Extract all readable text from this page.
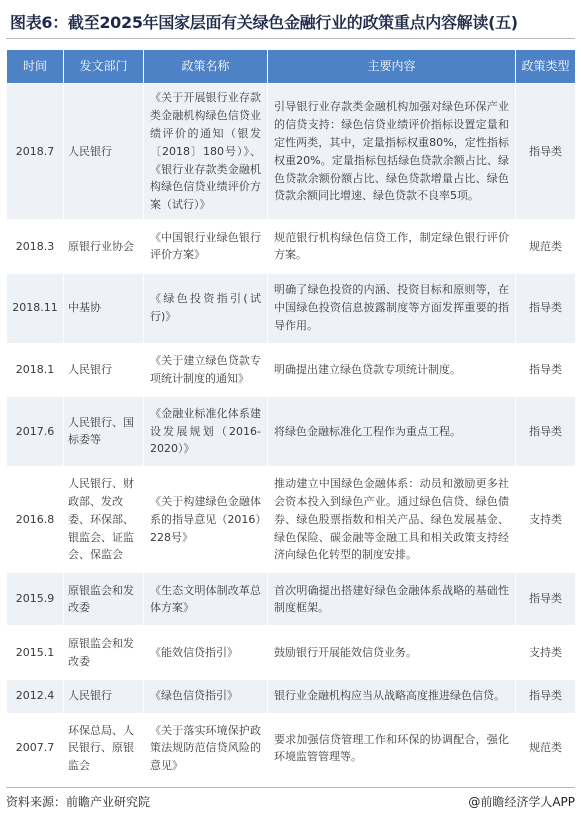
图表6：截至2025年国家层面有关绿色金融行业的政策重点内容解读(五)
时间	发文部门	政策名称	主要内容	政策类型
2018.7	人民银行	《关于开展银行业存款类金融机构绿色信贷业绩评价的通知（银发〔2018〕180号）》、《银行业存款类金融机构绿色信贷业绩评价方案（试行）》	引导银行业存款类金融机构加强对绿色环保产业的信贷支持：绿色信贷业绩评价指标设置定量和定性两类，其中，定量指标权重80%，定性指标权重20%。定量指标包括绿色贷款余额占比、绿色贷款余额份额占比、绿色贷款增量占比、绿色贷款余额同比增速、绿色贷款不良率5项。	指导类
2018.3	原银行业协会	《中国银行业绿色银行评价方案》	规范银行机构绿色信贷工作，制定绿色银行评价方案。	规范类
2018.11	中基协	《绿色投资指引(试行)》	明确了绿色投资的内涵、投资目标和原则等，在中国绿色投资信息披露制度等方面发挥重要的指导作用。	指导类
2018.1	人民银行	《关于建立绿色贷款专项统计制度的通知》	明确提出建立绿色贷款专项统计制度。	指导类
2017.6	人民银行、国标委等	《金融业标准化体系建设发展规划（2016-2020）》	将绿色金融标准化工程作为重点工程。	指导类
2016.8	人民银行、财政部、发改委、环保部、银监会、证监会、保监会	《关于构建绿色金融体系的指导意见（2016）228号》	推动建立中国绿色金融体系：动员和激励更多社会资本投入到绿色产业。通过绿色信贷、绿色债券、绿色股票指数和相关产品、绿色发展基金、绿色保险、碳金融等金融工具和相关政策支持经济向绿色化转型的制度安排。	支持类
2015.9	原银监会和发改委	《生态文明体制改革总体方案》	首次明确提出搭建好绿色金融体系战略的基础性制度框架。	指导类
2015.1	原银监会和发改委	《能效信贷指引》	鼓励银行开展能效信贷业务。	支持类
2012.4	人民银行	《绿色信贷指引》	银行业金融机构应当从战略高度推进绿色信贷。	指导类
2007.7	环保总局、人民银行、原银监会	《关于落实环境保护政策法规防范信贷风险的意见》	要求加强信贷管理工作和环保的协调配合，强化环境监管管理等。	规范类
资料来源：前瞻产业研究院	@前瞻经济学人APP
